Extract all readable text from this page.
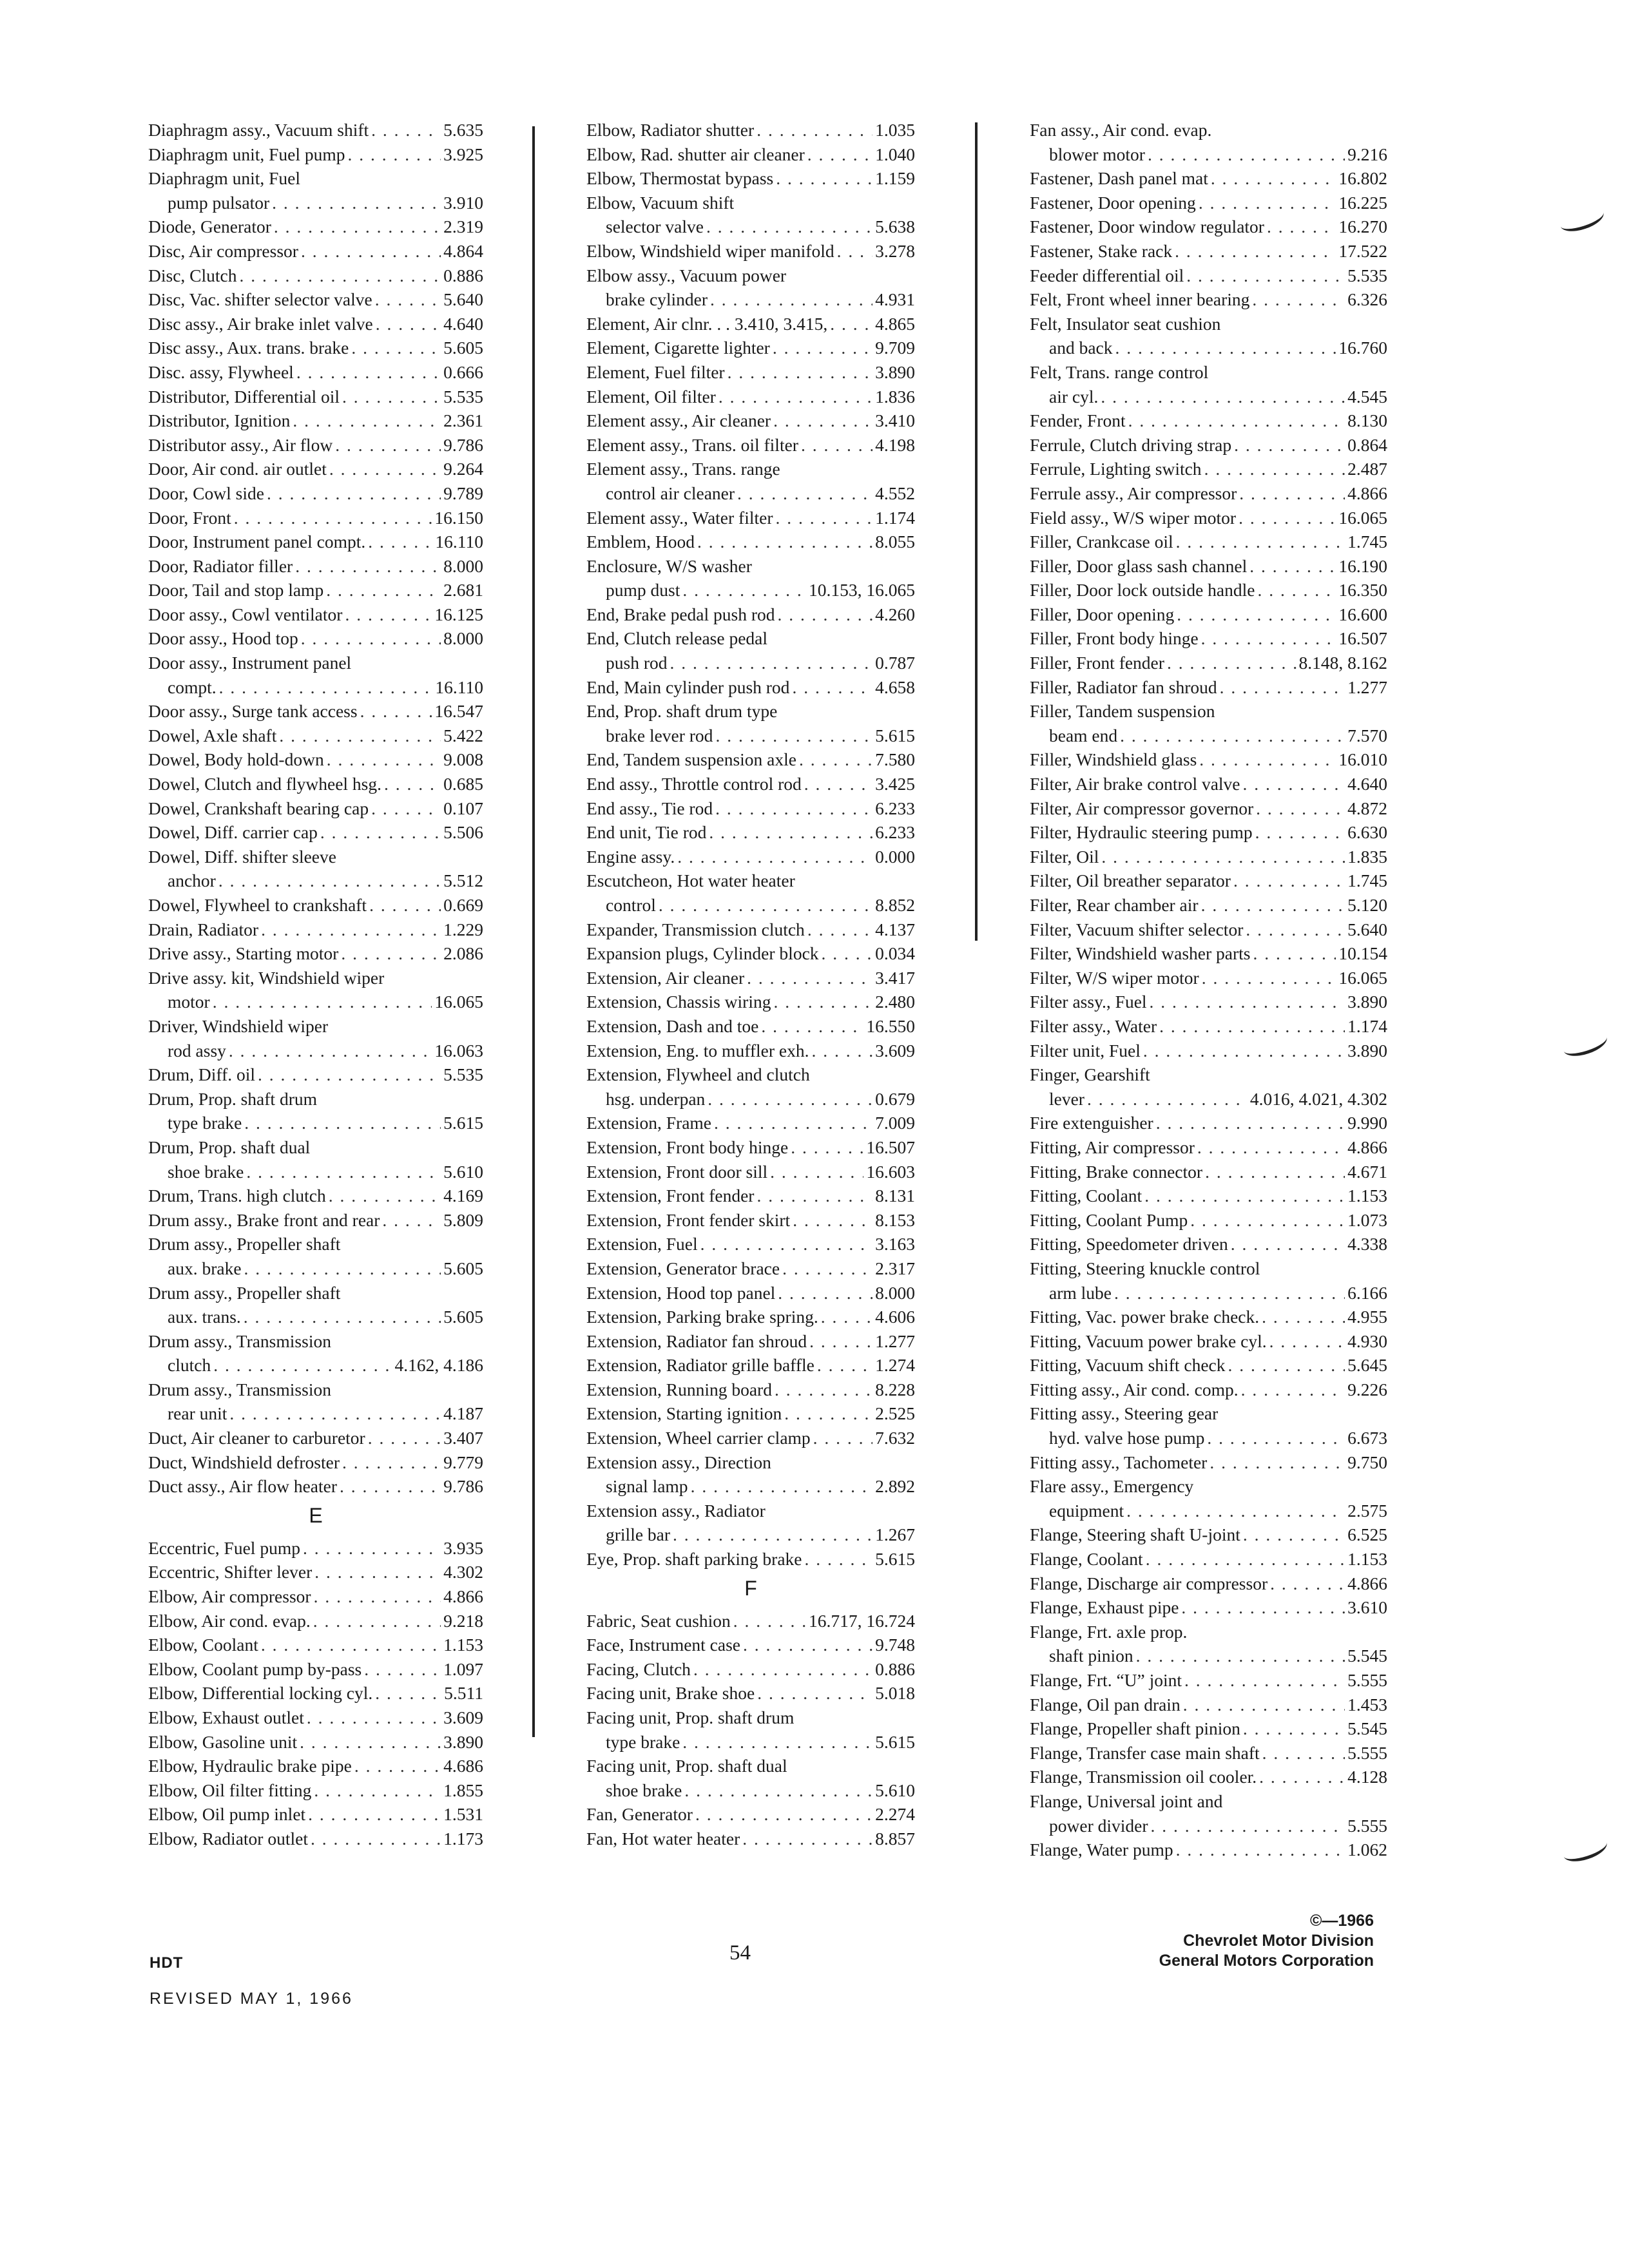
Diaphragm assy., Vacuum shift . . .	5.635
Diaphragm unit, Fuel pump . . .	3.925
Diaphragm unit, Fuel
pump pulsator . . .	3.910
Diode, Generator . . .	2.319
Disc, Air compressor . . .	4.864
Disc, Clutch . . .	0.886
Disc, Vac. shifter selector valve . . .	5.640
Disc assy., Air brake inlet valve . . .	4.640
Disc assy., Aux. trans. brake . . .	5.605
Disc. assy, Flywheel . . .	0.666
Distributor, Differential oil . . .	5.535
Distributor, Ignition . . .	2.361
Distributor assy., Air flow . . .	9.786
Door, Air cond. air outlet . . .	9.264
Door, Cowl side . . .	9.789
Door, Front . . .	16.150
Door, Instrument panel compt. . . .	16.110
Door, Radiator filler . . .	8.000
Door, Tail and stop lamp . . .	2.681
Door assy., Cowl ventilator . . .	16.125
Door assy., Hood top . . .	8.000
Door assy., Instrument panel
compt. . . .	16.110
Door assy., Surge tank access . . .	16.547
Dowel, Axle shaft . . .	5.422
Dowel, Body hold-down . . .	9.008
Dowel, Clutch and flywheel hsg. . . .	0.685
Dowel, Crankshaft bearing cap . . .	0.107
Dowel, Diff. carrier cap . . .	5.506
Dowel, Diff. shifter sleeve
anchor . . .	5.512
Dowel, Flywheel to crankshaft . . .	0.669
Drain, Radiator . . .	1.229
Drive assy., Starting motor . . .	2.086
Drive assy. kit, Windshield wiper
motor . . .	16.065
Driver, Windshield wiper
rod assy . . .	16.063
Drum, Diff. oil . . .	5.535
Drum, Prop. shaft drum
type brake . . .	5.615
Drum, Prop. shaft dual
shoe brake . . .	5.610
Drum, Trans. high clutch . . .	4.169
Drum assy., Brake front and rear . . .	5.809
Drum assy., Propeller shaft
aux. brake . . .	5.605
Drum assy., Propeller shaft
aux. trans. . . .	5.605
Drum assy., Transmission
clutch . . .	4.162, 4.186
Drum assy., Transmission
rear unit . . .	4.187
Duct, Air cleaner to carburetor . . .	3.407
Duct, Windshield defroster . . .	9.779
Duct assy., Air flow heater . . .	9.786
E
Eccentric, Fuel pump . . .	3.935
Eccentric, Shifter lever . . .	4.302
Elbow, Air compressor . . .	4.866
Elbow, Air cond. evap. . . .	9.218
Elbow, Coolant . . .	1.153
Elbow, Coolant pump by-pass . . .	1.097
Elbow, Differential locking cyl. . . .	5.511
Elbow, Exhaust outlet . . .	3.609
Elbow, Gasoline unit . . .	3.890
Elbow, Hydraulic brake pipe . . .	4.686
Elbow, Oil filter fitting . . .	1.855
Elbow, Oil pump inlet . . .	1.531
Elbow, Radiator outlet . . .	1.173
Elbow, Radiator shutter . . .	1.035
Elbow, Rad. shutter air cleaner . . .	1.040
Elbow, Thermostat bypass . . .	1.159
Elbow, Vacuum shift
selector valve . . .	5.638
Elbow, Windshield wiper manifold . . . 3.278
Elbow assy., Vacuum power
brake cylinder . . .	4.931
Element, Air clnr. . . 3.410, 3.415, . . .	4.865
Element, Cigarette lighter . . .	9.709
Element, Fuel filter . . .	3.890
Element, Oil filter . . .	1.836
Element assy., Air cleaner . . .	3.410
Element assy., Trans. oil filter . . .	4.198
Element assy., Trans. range
control air cleaner . . .	4.552
Element assy., Water filter . . .	1.174
Emblem, Hood . . .	8.055
Enclosure, W/S washer
pump dust . . .	10.153, 16.065
End, Brake pedal push rod . . .	4.260
End, Clutch release pedal
push rod . . .	0.787
End, Main cylinder push rod . . .	4.658
End, Prop. shaft drum type
brake lever rod . . .	5.615
End, Tandem suspension axle . . .	7.580
End assy., Throttle control rod . . .	3.425
End assy., Tie rod . . .	6.233
End unit, Tie rod . . .	6.233
Engine assy. . . .	0.000
Escutcheon, Hot water heater
control . . .	8.852
Expander, Transmission clutch . . .	4.137
Expansion plugs, Cylinder block . . .	0.034
Extension, Air cleaner . . .	3.417
Extension, Chassis wiring . . .	2.480
Extension, Dash and toe . . .	16.550
Extension, Eng. to muffler exh. . . .	3.609
Extension, Flywheel and clutch
hsg. underpan . . .	0.679
Extension, Frame . . .	7.009
Extension, Front body hinge . . .	16.507
Extension, Front door sill . . .	16.603
Extension, Front fender . . .	8.131
Extension, Front fender skirt . . .	8.153
Extension, Fuel . . .	3.163
Extension, Generator brace . . .	2.317
Extension, Hood top panel . . .	8.000
Extension, Parking brake spring. . . .	4.606
Extension, Radiator fan shroud . . .	1.277
Extension, Radiator grille baffle . . .	1.274
Extension, Running board . . .	8.228
Extension, Starting ignition . . .	2.525
Extension, Wheel carrier clamp . . .	7.632
Extension assy., Direction
signal lamp . . .	2.892
Extension assy., Radiator
grille bar . . .	1.267
Eye, Prop. shaft parking brake . . .	5.615
F
Fabric, Seat cushion . . .	16.717, 16.724
Face, Instrument case . . .	9.748
Facing, Clutch . . .	0.886
Facing unit, Brake shoe . . .	5.018
Facing unit, Prop. shaft drum
type brake . . .	5.615
Facing unit, Prop. shaft dual
shoe brake . . .	5.610
Fan, Generator . . .	2.274
Fan, Hot water heater . . .	8.857
Fan assy., Air cond. evap.
blower motor . . .	9.216
Fastener, Dash panel mat . . .	16.802
Fastener, Door opening . . .	16.225
Fastener, Door window regulator . . .	16.270
Fastener, Stake rack . . .	17.522
Feeder differential oil . . .	5.535
Felt, Front wheel inner bearing . . .	6.326
Felt, Insulator seat cushion
and back . . .	16.760
Felt, Trans. range control
air cyl. . . .	4.545
Fender, Front . . .	8.130
Ferrule, Clutch driving strap . . .	0.864
Ferrule, Lighting switch . . .	2.487
Ferrule assy., Air compressor . . .	4.866
Field assy., W/S wiper motor . . .	16.065
Filler, Crankcase oil . . .	1.745
Filler, Door glass sash channel . . .	16.190
Filler, Door lock outside handle . . .	16.350
Filler, Door opening . . .	16.600
Filler, Front body hinge . . .	16.507
Filler, Front fender . . .	8.148, 8.162
Filler, Radiator fan shroud . . .	1.277
Filler, Tandem suspension
beam end . . .	7.570
Filler, Windshield glass . . .	16.010
Filter, Air brake control valve . . .	4.640
Filter, Air compressor governor . . .	4.872
Filter, Hydraulic steering pump . . .	6.630
Filter, Oil . . .	1.835
Filter, Oil breather separator . . .	1.745
Filter, Rear chamber air . . .	5.120
Filter, Vacuum shifter selector . . .	5.640
Filter, Windshield washer parts . . .	10.154
Filter, W/S wiper motor . . .	16.065
Filter assy., Fuel . . .	3.890
Filter assy., Water . . .	1.174
Filter unit, Fuel . . .	3.890
Finger, Gearshift
lever . . .	4.016, 4.021, 4.302
Fire extenguisher . . .	9.990
Fitting, Air compressor . . .	4.866
Fitting, Brake connector . . .	4.671
Fitting, Coolant . . .	1.153
Fitting, Coolant Pump . . .	1.073
Fitting, Speedometer driven . . .	4.338
Fitting, Steering knuckle control
arm lube . . .	6.166
Fitting, Vac. power brake check. . . .	4.955
Fitting, Vacuum power brake cyl. . . .	4.930
Fitting, Vacuum shift check . . .	5.645
Fitting assy., Air cond. comp. . . .	9.226
Fitting assy., Steering gear
hyd. valve hose pump . . .	6.673
Fitting assy., Tachometer . . .	9.750
Flare assy., Emergency
equipment . . .	2.575
Flange, Steering shaft U-joint . . .	6.525
Flange, Coolant . . .	1.153
Flange, Discharge air compressor . . .	4.866
Flange, Exhaust pipe . . .	3.610
Flange, Frt. axle prop.
shaft pinion . . .	5.545
Flange, Frt. “U” joint . . .	5.555
Flange, Oil pan drain . . .	1.453
Flange, Propeller shaft pinion . . .	5.545
Flange, Transfer case main shaft . . .	5.555
Flange, Transmission oil cooler. . . .	4.128
Flange, Universal joint and
power divider . . .	5.555
Flange, Water pump . . .	1.062
HDT
REVISED MAY 1, 1966
54
©—1966
Chevrolet Motor Division
General Motors Corporation
